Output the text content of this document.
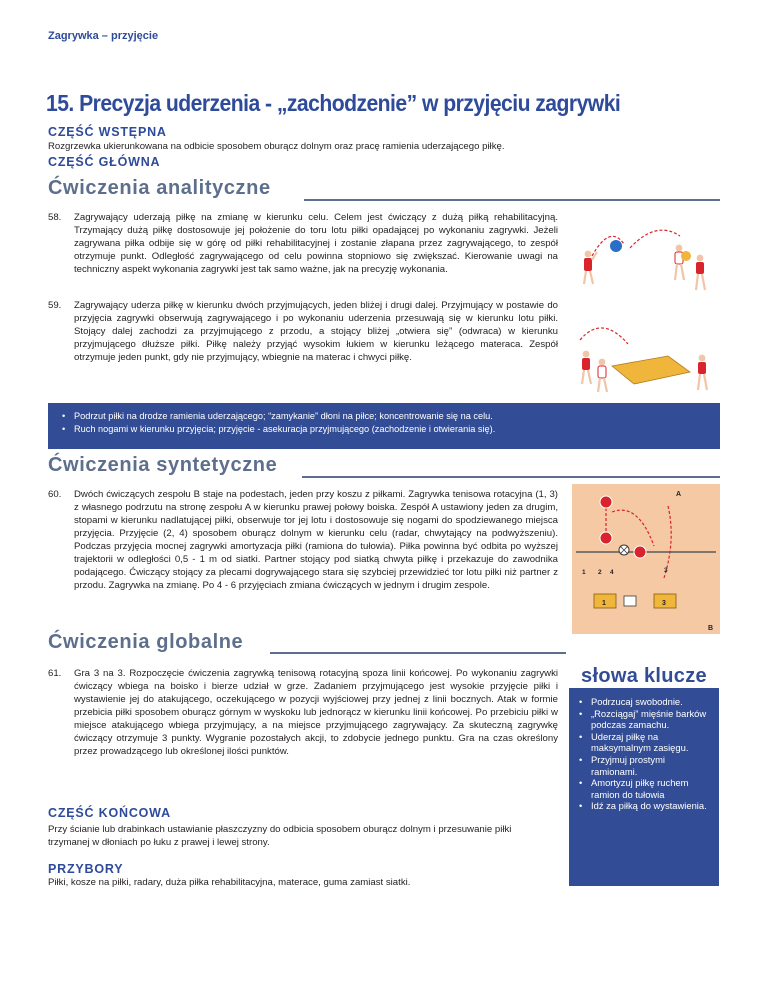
Zagrywka – przyjęcie
15. Precyzja uderzenia - „zachodzenie” w przyjęciu zagrywki
CZĘŚĆ WSTĘPNA

Rozgrzewka ukierunkowana na odbicie sposobem oburącz dolnym oraz pracę ramienia uderzającego piłkę.

CZĘŚĆ GŁÓWNA
Ćwiczenia analityczne
58. Zagrywający uderzają piłkę na zmianę w kierunku celu. Celem jest ćwiczący z dużą piłką rehabilitacyjną. Trzymający dużą piłkę dostosowuje jej położenie do toru lotu piłki opadającej po wykonaniu zagrywki. Jeżeli zagrywana piłka odbije się w górę od piłki rehabilitacyjnej i zostanie złapana przez zagrywającego, to zespół otrzymuje punkt. Odległość zagrywającego od celu powinna stopniowo się zwiększać. Kierowanie uwagi na techniczny aspekt wykonania zagrywki jest tak samo ważne, jak na precyzję wykonania.

59. Zagrywający uderza piłkę w kierunku dwóch przyjmujących, jeden bliżej i drugi dalej. Przyjmujący w postawie do przyjęcia zagrywki obserwują zagrywającego i po wykonaniu uderzenia przesuwają się w kierunku lotu piłki. Stojący dalej zachodzi za przyjmującego z przodu, a stojący bliżej „otwiera się” (odwraca) w kierunku przyjmującego dłuższe piłki. Piłkę należy przyjąć wysokim łukiem w kierunku leżącego materaca. Zespół otrzymuje jeden punkt, gdy nie przyjmujący, wbiegnie na materac i chwyci piłkę.

• Podrzut piłki na drodze ramienia uderzającego; “zamykanie” dłoni na piłce; koncentrowanie się na celu.
• Ruch nogami w kierunku przyjęcia; przyjęcie - asekuracja przyjmującego (zachodzenie i otwierania się).
Ćwiczenia syntetyczne
60. Dwóch ćwiczących zespołu B staje na podestach, jeden przy koszu z piłkami. Zagrywka tenisowa rotacyjna (1, 3) z własnego podrzutu na stronę zespołu A w kierunku prawej połowy boiska. Zespół A ustawiony jeden za drugim, stopami w kierunku nadlatującej piłki, obserwuje tor jej lotu i dostosowuje się nogami do spodziewanego miejsca przyjęcia. Przyjęcie (2, 4) sposobem oburącz dolnym w kierunku celu (radar, chwytający na podwyższeniu). Podczas przyjęcia mocnej zagrywki amortyzacja piłki (ramiona do tułowia). Piłka powinna być odbita po wyższej trajektorii w odległości 0,5 - 1 m od siatki. Partner stojący pod siatką chwyta piłkę i przekazuje do zawodnika podającego. Ćwiczący stojący za plecami dogrywającego stara się szybciej przewidzieć tor lotu piłki niż partner z przodu. Zagrywka na zmianę. Po 4 - 6 przyjęciach zmiana ćwiczących w jednym i drugim zespole.

A
B
1 2	3
4
1	3
Ćwiczenia globalne
61. Gra 3 na 3. Rozpoczęcie ćwiczenia zagrywką tenisową rotacyjną spoza linii końcowej. Po wykonaniu zagrywki ćwiczący wbiega na boisko i bierze udział w grze. Zadaniem przyjmującego jest wysokie przyjęcie piłki i wystawienie jej do atakującego, oczekującego w pozycji wyjściowej przy jednej z linii bocznych. Atak w formie przebicia piłki sposobem oburącz górnym w wyskoku lub jednorącz w kierunku linii końcowej. Po przebiciu piłki w miejsce atakującego wbiega przyjmujący, a na miejsce przyjmującego zagrywający. Za skuteczną zagrywkę ćwiczący otrzymuje 3 punkty. Wygranie pozostałych akcji, to zdobycie jednego punktu. Gra na czas określony przez prowadzącego lub określonej ilości punktów.

CZĘŚĆ KOŃCOWA

Przy ścianie lub drabinkach ustawianie płaszczyzny do odbicia sposobem oburącz dolnym i przesuwanie piłki trzymanej w dłoniach po łuku z prawej i lewej strony.

PRZYBORY

Piłki, kosze na piłki, radary, duża piłka rehabilitacyjna, materace, guma zamiast siatki.

słowa klucze
• Podrzucaj swobodnie.
• „Rozciągaj” mięśnie barków podczas zamachu.
• Uderzaj piłkę na maksymalnym zasięgu.
• Przyjmuj prostymi ramionami.
• Amortyzuj piłkę ruchem ramion do tułowia
• Idź za piłką do wystawienia.
